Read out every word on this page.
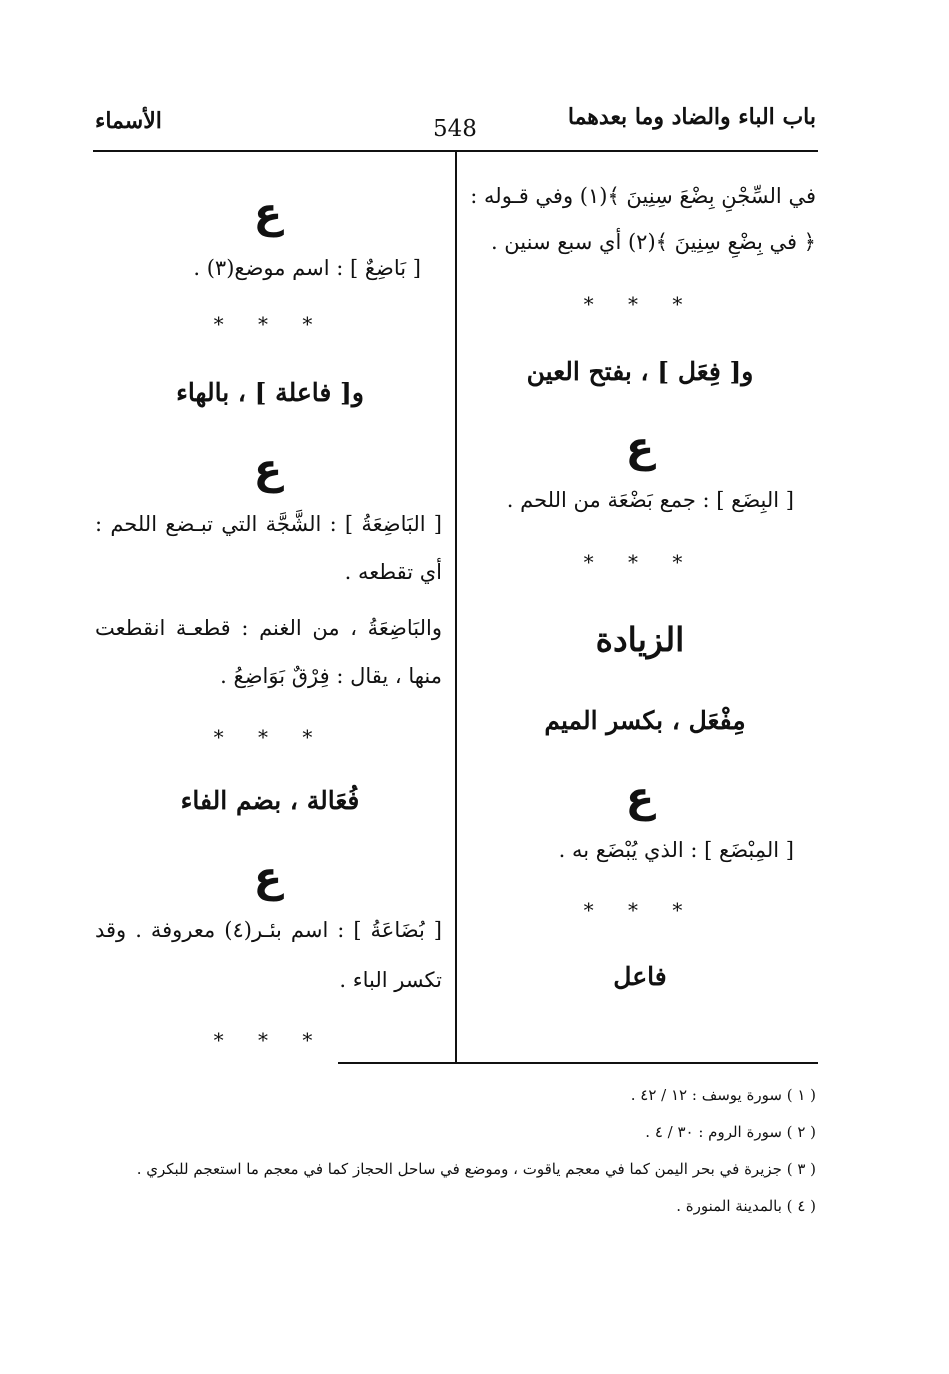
باب الباء والضاد وما بعدهما
548
الأسماء
في السِّجْنِ بِضْعَ سِنِينَ ﴾(١) وفي قـوله :
﴿ في بِضْعِ سِنِينَ ﴾(٢) أي سبع سنين .
* * *
و[ فِعَل ] ، بفتح العين
ع
[ البِضَع ] : جمع بَضْعَة من اللحم .
* * *
الزيادة
مِفْعَل ، بكسر الميم
ع
[ المِبْضَع ] : الذي يُبْضَع به .
* * *
فاعل
ع
[ بَاضِعٌ ] : اسم موضع(٣) .
* * *
و[ فاعلة ] ، بالهاء
ع
[ البَاضِعَةُ ] : الشَّجَّة التي تبـضع اللحم :
أي تقطعه .
والبَاضِعَةُ ، من الغنم : قطعـة انقطعت
منها ، يقال : فِرْقٌ بَوَاضِعُ .
* * *
فُعَالة ، بضم الفاء
ع
[ بُضَاعَةُ ] : اسم بئـر(٤) معروفة . وقد
تكسر الباء .
* * *
( ١ ) سورة يوسف : ١٢ / ٤٢ .
( ٢ ) سورة الروم : ٣٠ / ٤ .
( ٣ ) جزيرة في بحر اليمن كما في معجم ياقوت ، وموضع في ساحل الحجاز كما في معجم ما استعجم للبكري .
( ٤ ) بالمدينة المنورة .
